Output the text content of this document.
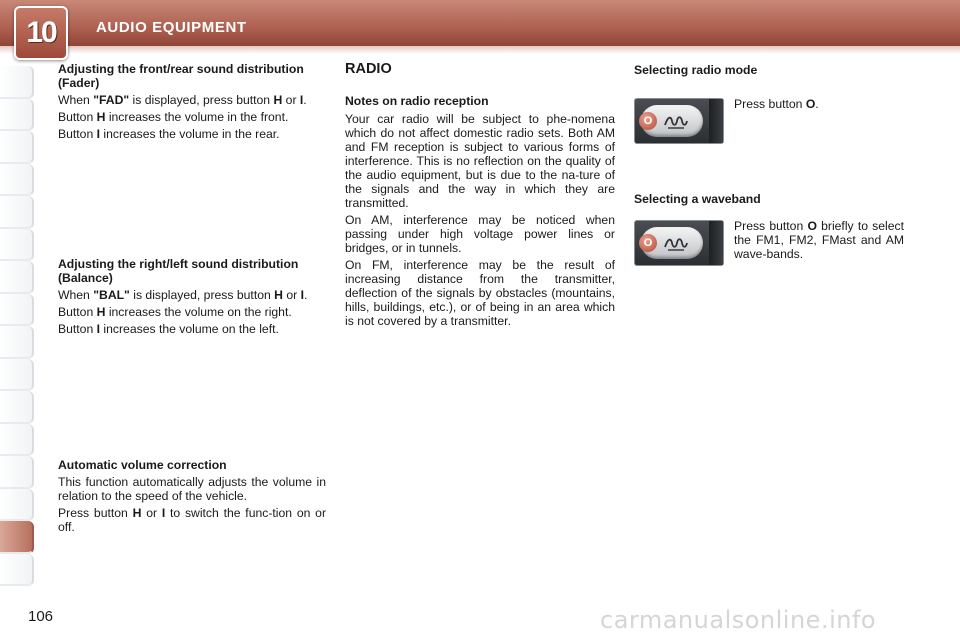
10	AUDIO EQUIPMENT
Adjusting the front/rear sound distribution (Fader)

When "FAD" is displayed, press button H or I.

Button H increases the volume in the front.

Button I increases the volume in the rear.

Adjusting the right/left sound distribution (Balance)

When "BAL" is displayed, press button H or I.

Button H increases the volume on the right.

Button I increases the volume on the left.

Automatic volume correction

This function automatically adjusts the volume in relation to the speed of the vehicle.

Press button H or I to switch the func-tion on or off.

RADIO
Notes on radio reception

Your car radio will be subject to phe-nomena which do not affect domestic radio sets. Both AM and FM reception is subject to various forms of interference. This is no reflection on the quality of the audio equipment, but is due to the na-ture of the signals and the way in which they are transmitted.

On AM, interference may be noticed when passing under high voltage power lines or bridges, or in tunnels.

On FM, interference may be the result of increasing distance from the transmitter, deflection of the signals by obstacles (mountains, hills, buildings, etc.), or of being in an area which is not covered by a transmitter.

Selecting radio mode
O
Press button O.
Selecting a waveband
O
Press button O briefly to select the FM1, FM2, FMast and AM wave-bands.
106	carmanualsonline.info
